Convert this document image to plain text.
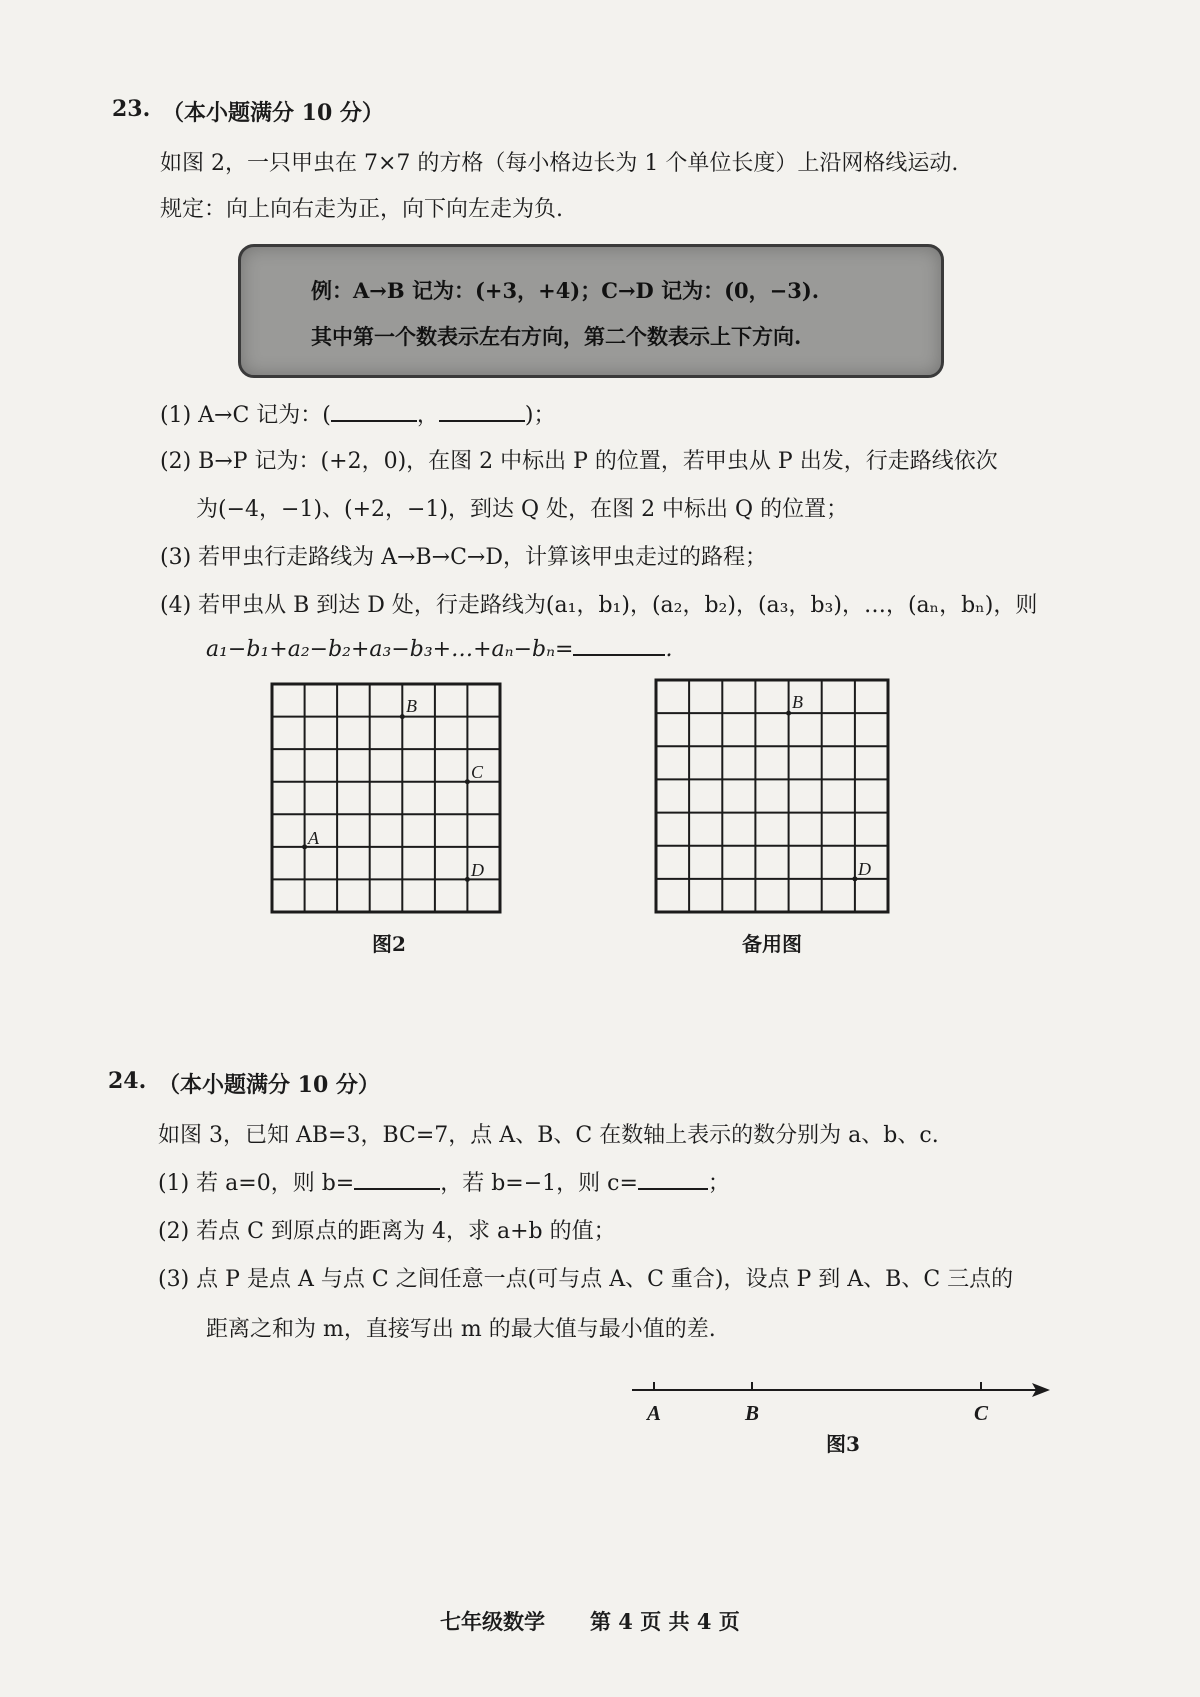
23. （本小题满分 10 分）
如图 2，一只甲虫在 7×7 的方格（每小格边长为 1 个单位长度）上沿网格线运动.
规定：向上向右走为正，向下向左走为负.
例：A→B 记为：(+3，+4)；C→D 记为：(0，−3).
其中第一个数表示左右方向，第二个数表示上下方向.
(1) A→C 记为：(	，	)；
(2) B→P 记为：(+2，0)，在图 2 中标出 P 的位置，若甲虫从 P 出发，行走路线依次
为(−4，−1)、(+2，−1)，到达 Q 处，在图 2 中标出 Q 的位置；
(3) 若甲虫行走路线为 A→B→C→D，计算该甲虫走过的路程；
(4) 若甲虫从 B 到达 D 处，行走路线为(a₁，b₁)，(a₂，b₂)，(a₃，b₃)，…，(aₙ，bₙ)，则
a₁−b₁+a₂−b₂+a₃−b₃+…+aₙ−bₙ=	.
B
C
A
D
图2
B
D
备用图
24. （本小题满分 10 分）
如图 3，已知 AB=3，BC=7，点 A、B、C 在数轴上表示的数分别为 a、b、c.
(1) 若 a=0，则 b=	，若 b=−1，则 c=	；
(2) 若点 C 到原点的距离为 4，求 a+b 的值；
(3) 点 P 是点 A 与点 C 之间任意一点(可与点 A、C 重合)，设点 P 到 A、B、C 三点的
距离之和为 m，直接写出 m 的最大值与最小值的差.
A	B	C
图3
七年级数学 第 4 页 共 4 页
